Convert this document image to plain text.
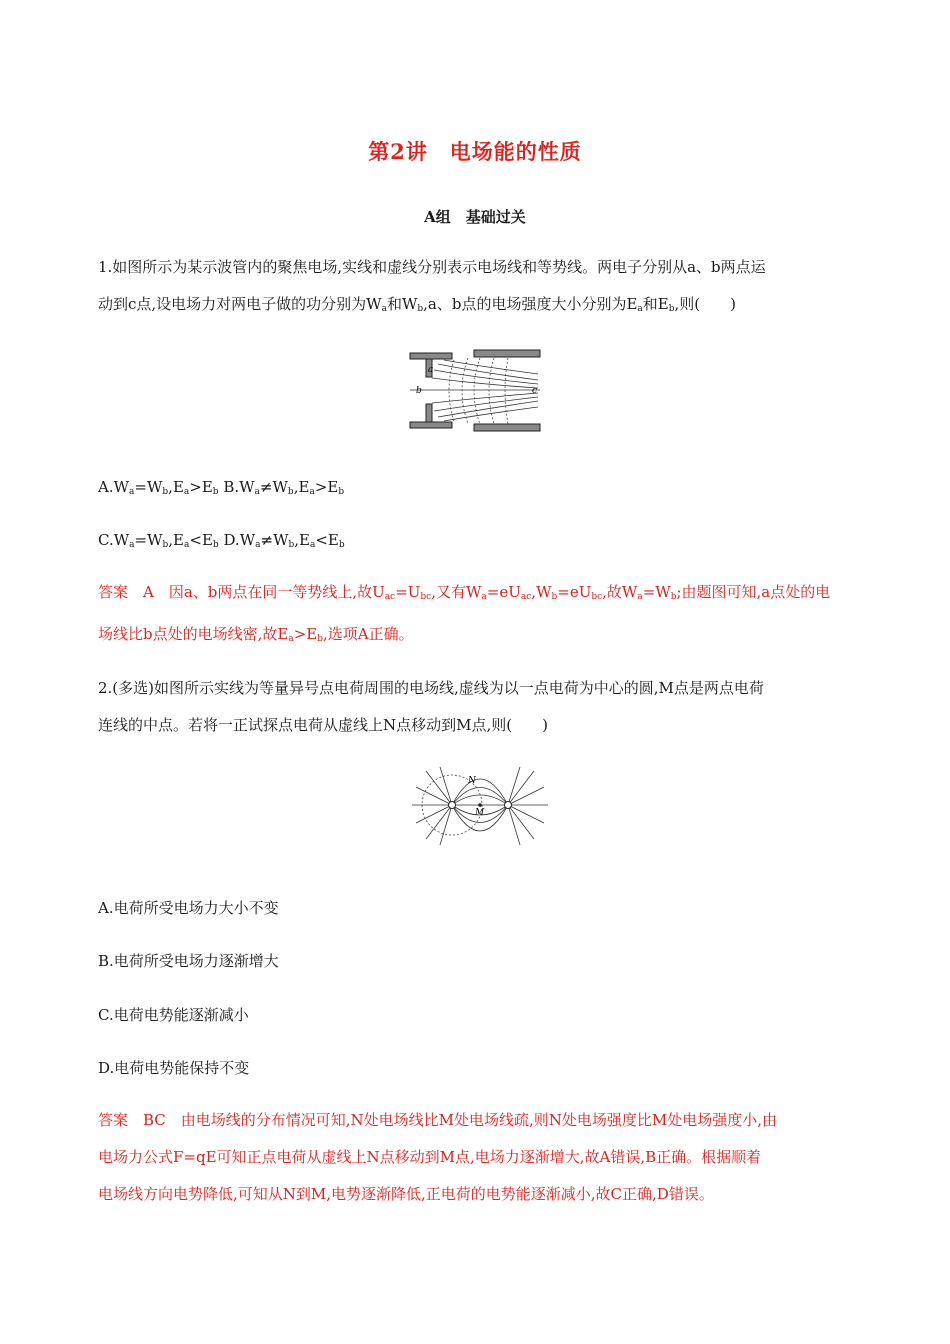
第2讲　电场能的性质
A组　基础过关
1.如图所示为某示波管内的聚焦电场,实线和虚线分别表示电场线和等势线。两电子分别从a、b两点运
动到c点,设电场力对两电子做的功分别为$W_a$和$W_b,a$、b点的电场强度大小分别为$E_a$和$E_b$,则(　　)
a
b	c
$A.W_a=W_b,E_a>E_b$ $B.W_a\ne W_b,E_a>E_b$
$C.W_a=W_b,E_a<E_b$ $D.W_a\ne W_b,E_a<E_b$
答案　A　因a、b两点在同一等势线上,故$U_{ac}=U_{bc}$,又有$W_a=eU_{ac},W_b=eU_{bc}$,故$W_a=W_b$;由题图可知,a点处的电
场线比b点处的电场线密,故$E_a>E_b$,选项A正确。
2.(多选)如图所示实线为等量异号点电荷周围的电场线,虚线为以一点电荷为中心的圆,M点是两点电荷
连线的中点。若将一正试探点电荷从虚线上N点移动到M点,则(　　)
N
M
A.电荷所受电场力大小不变
B.电荷所受电场力逐渐增大
C.电荷电势能逐渐减小
D.电荷电势能保持不变
答案　BC　由电场线的分布情况可知,N处电场线比M处电场线疏,则N处电场强度比M处电场强度小,由
电场力公式F=qE可知正点电荷从虚线上N点移动到M点,电场力逐渐增大,故A错误,B正确。根据顺着
电场线方向电势降低,可知从N到M,电势逐渐降低,正电荷的电势能逐渐减小,故C正确,D错误。
